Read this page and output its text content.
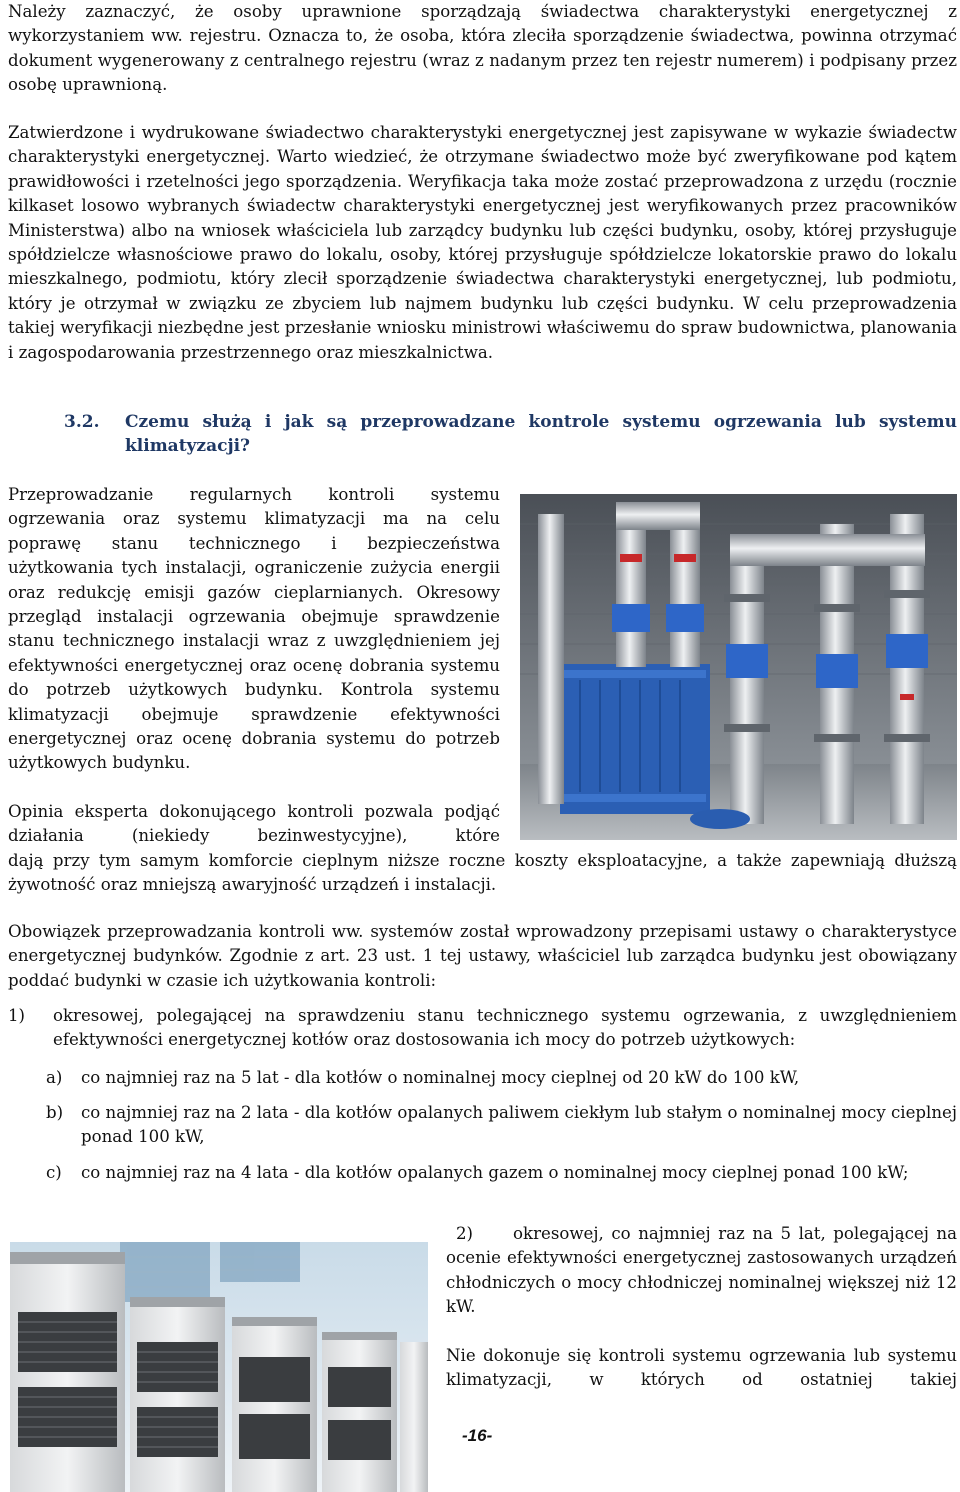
Należy zaznaczyć, że osoby uprawnione sporządzają świadectwa charakterystyki energetycznej z wykorzystaniem ww. rejestru. Oznacza to, że osoba, która zleciła sporządzenie świadectwa, powinna otrzymać dokument wygenerowany z centralnego rejestru (wraz z nadanym przez ten rejestr numerem) i podpisany przez osobę uprawnioną.

Zatwierdzone i wydrukowane świadectwo charakterystyki energetycznej jest zapisywane w wykazie świadectw charakterystyki energetycznej. Warto wiedzieć, że otrzymane świadectwo może być zweryfikowane pod kątem prawidłowości i rzetelności jego sporządzenia. Weryfikacja taka może zostać przeprowadzona z urzędu (rocznie kilkaset losowo wybranych świadectw charakterystyki energetycznej jest weryfikowanych przez pracowników Ministerstwa) albo na wniosek właściciela lub zarządcy budynku lub części budynku, osoby, której przysługuje spółdzielcze własnościowe prawo do lokalu, osoby, której przysługuje spółdzielcze lokatorskie prawo do lokalu mieszkalnego, podmiotu, który zlecił sporządzenie świadectwa charakterystyki energetycznej, lub podmiotu, który je otrzymał w związku ze zbyciem lub najmem budynku lub części budynku. W celu przeprowadzenia takiej weryfikacji niezbędne jest przesłanie wniosku ministrowi właściwemu do spraw budownictwa, planowania i zagospodarowania przestrzennego oraz mieszkalnictwa.

3.2. Czemu służą i jak są przeprowadzane kontrole systemu ogrzewania lub systemu klimatyzacji?

Przeprowadzanie regularnych kontroli systemu ogrzewania oraz systemu klimatyzacji ma na celu poprawę stanu technicznego i bezpieczeństwa użytkowania tych instalacji, ograniczenie zużycia energii oraz redukcję emisji gazów cieplarnianych. Okresowy przegląd instalacji ogrzewania obejmuje sprawdzenie stanu technicznego instalacji wraz z uwzględnieniem jej efektywności energetycznej oraz ocenę dobrania systemu do potrzeb użytkowych budynku. Kontrola systemu klimatyzacji obejmuje sprawdzenie efektywności energetycznej oraz ocenę dobrania systemu do potrzeb użytkowych budynku.

Opinia eksperta dokonującego kontroli pozwala podjąć działania (niekiedy bezinwestycyjne), które

dają przy tym samym komforcie cieplnym niższe roczne koszty eksploatacyjne, a także zapewniają dłuższą żywotność oraz mniejszą awaryjność urządzeń i instalacji.

1) okresowej, polegającej na sprawdzeniu stanu technicznego systemu ogrzewania, z uwzględnieniem efektywności energetycznej kotłów oraz dostosowania ich mocy do potrzeb użytkowych:

a) co najmniej raz na 5 lat - dla kotłów o nominalnej mocy cieplnej od 20 kW do 100 kW,

b) co najmniej raz na 2 lata - dla kotłów opalanych paliwem ciekłym lub stałym o nominalnej mocy cieplnej ponad 100 kW,

c) co najmniej raz na 4 lata - dla kotłów opalanych gazem o nominalnej mocy cieplnej ponad 100 kW;

Obowiązek przeprowadzania kontroli ww. systemów został wprowadzony przepisami ustawy o charakterystyce energetycznej budynków. Zgodnie z art. 23 ust. 1 tej ustawy, właściciel lub zarządca budynku jest obowiązany poddać budynki w czasie ich użytkowania kontroli:

2) okresowej, co najmniej raz na 5 lat, polegającej na ocenie efektywności energetycznej zastosowanych urządzeń chłodniczych o mocy chłodniczej nominalnej większej niż 12 kW.

Nie dokonuje się kontroli systemu ogrzewania lub systemu klimatyzacji, w których od ostatniej takiej

-16-
